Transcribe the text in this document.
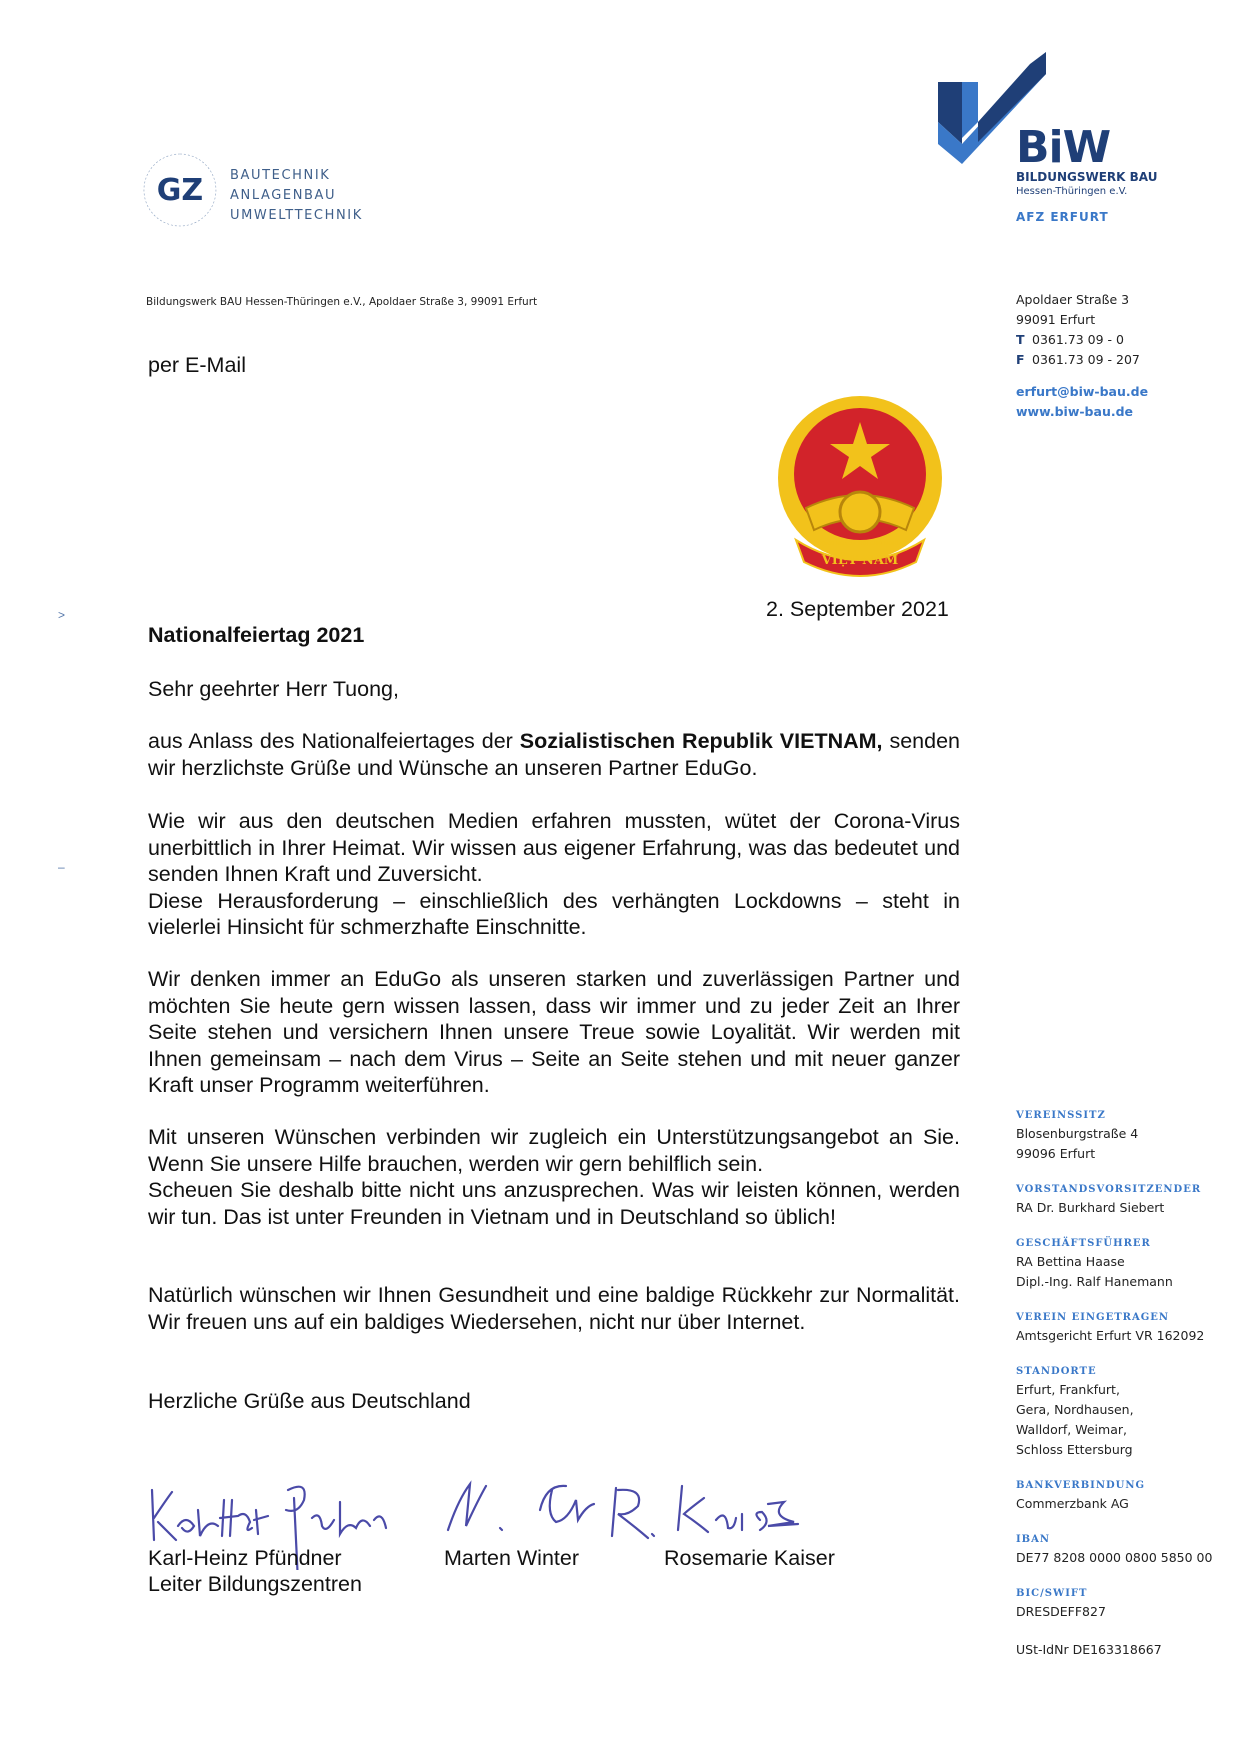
GZ BAUTECHNIK
ANLAGENBAU
UMWELTTECHNIK
BiW
BILDUNGSWERK BAU
Hessen-Thüringen e.V.
AFZ ERFURT
Bildungswerk BAU Hessen-Thüringen e.V., Apoldaer Straße 3, 99091 Erfurt	Apoldaer Straße 3
99091 Erfurt
T 0361.73 09 - 0
F 0361.73 09 - 207
erfurt@biw-bau.de
www.biw-bau.de
CỘNG HÒA XÃ HỘI CHỦ NGHĨA
VIỆT NAM
per E-Mail
2. September 2021
>
–
Nationalfeiertag 2021
Sehr geehrter Herr Tuong,
aus Anlass des Nationalfeiertages der Sozialistischen Republik VIETNAM, senden wir herzlichste Grüße und Wünsche an unseren Partner EduGo.
Wie wir aus den deutschen Medien erfahren mussten, wütet der Corona-Virus unerbittlich in Ihrer Heimat. Wir wissen aus eigener Erfahrung, was das bedeutet und senden Ihnen Kraft und Zuversicht.
Diese Herausforderung – einschließlich des verhängten Lockdowns – steht in vielerlei Hinsicht für schmerzhafte Einschnitte.
Wir denken immer an EduGo als unseren starken und zuverlässigen Partner und möchten Sie heute gern wissen lassen, dass wir immer und zu jeder Zeit an Ihrer Seite stehen und versichern Ihnen unsere Treue sowie Loyalität. Wir werden mit Ihnen gemeinsam – nach dem Virus – Seite an Seite stehen und mit neuer ganzer Kraft unser Programm weiterführen.
Mit unseren Wünschen verbinden wir zugleich ein Unterstützungsangebot an Sie. Wenn Sie unsere Hilfe brauchen, werden wir gern behilflich sein.
Scheuen Sie deshalb bitte nicht uns anzusprechen. Was wir leisten können, werden wir tun. Das ist unter Freunden in Vietnam und in Deutschland so üblich!
Natürlich wünschen wir Ihnen Gesundheit und eine baldige Rückkehr zur Normalität. Wir freuen uns auf ein baldiges Wiedersehen, nicht nur über Internet.
Herzliche Grüße aus Deutschland
Karl-Heinz Pfündner
Leiter Bildungszentren
Marten Winter	Rosemarie Kaiser
VEREINSSITZ
Blosenburgstraße 4
99096 Erfurt
VORSTANDSVORSITZENDER
RA Dr. Burkhard Siebert
GESCHÄFTSFÜHRER
RA Bettina Haase
Dipl.-Ing. Ralf Hanemann
VEREIN EINGETRAGEN
Amtsgericht Erfurt VR 162092
STANDORTE
Erfurt, Frankfurt,
Gera, Nordhausen,
Walldorf, Weimar,
Schloss Ettersburg
BANKVERBINDUNG
Commerzbank AG
IBAN
DE77 8208 0000 0800 5850 00
BIC/SWIFT
DRESDEFF827
USt-IdNr DE163318667
